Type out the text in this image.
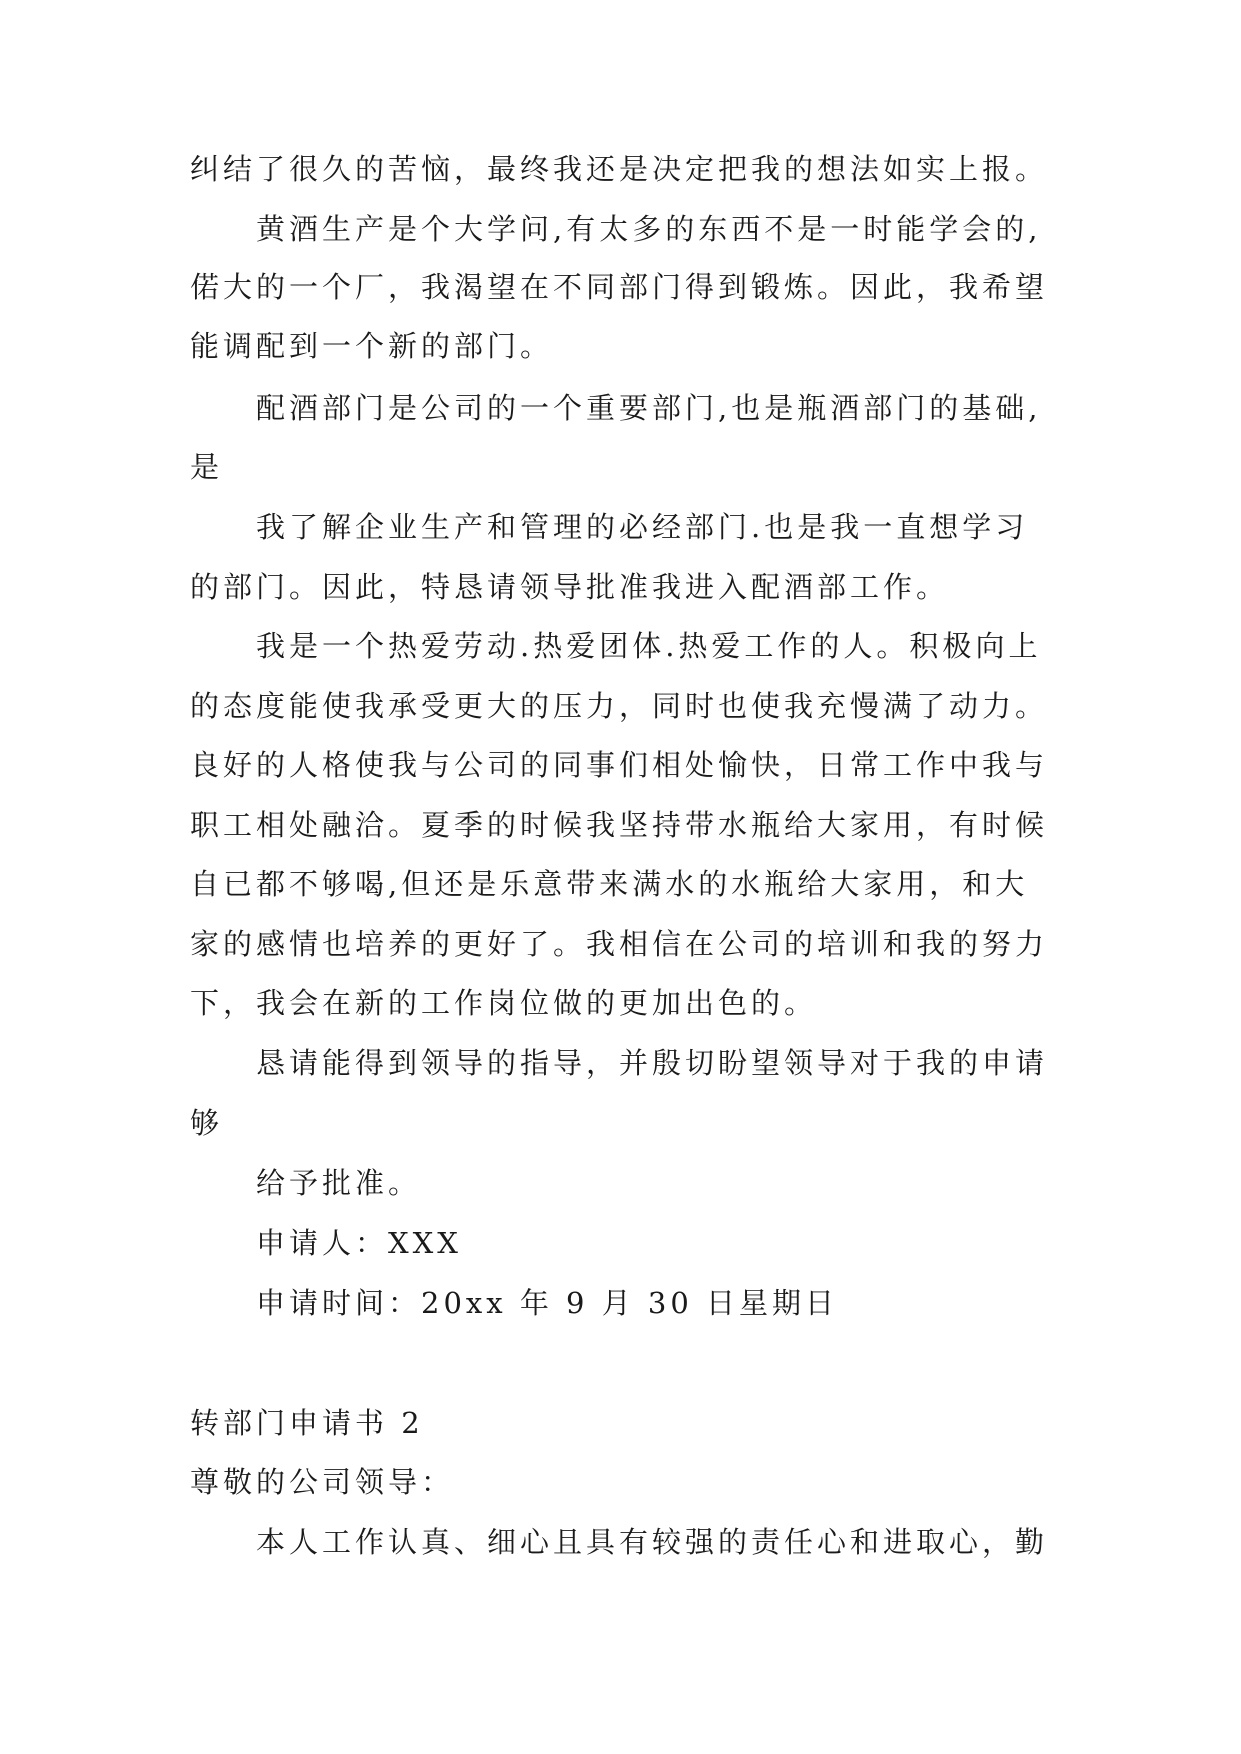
纠结了很久的苦恼，最终我还是决定把我的想法如实上报。
黄酒生产是个大学问,有太多的东西不是一时能学会的,
偌大的一个厂，我渴望在不同部门得到锻炼。因此，我希望
能调配到一个新的部门。
配酒部门是公司的一个重要部门,也是瓶酒部门的基础,
是
我了解企业生产和管理的必经部门.也是我一直想学习
的部门。因此，特恳请领导批准我进入配酒部工作。
我是一个热爱劳动.热爱团体.热爱工作的人。积极向上
的态度能使我承受更大的压力，同时也使我充慢满了动力。
良好的人格使我与公司的同事们相处愉快，日常工作中我与
职工相处融洽。夏季的时候我坚持带水瓶给大家用，有时候
自已都不够喝,但还是乐意带来满水的水瓶给大家用，和大
家的感情也培养的更好了。我相信在公司的培训和我的努力
下，我会在新的工作岗位做的更加出色的。
恳请能得到领导的指导，并殷切盼望领导对于我的申请
够
给予批准。
申请人：XXX
申请时间：20xx 年 9 月 30 日星期日
转部门申请书 2
尊敬的公司领导：
本人工作认真、细心且具有较强的责任心和进取心，勤
